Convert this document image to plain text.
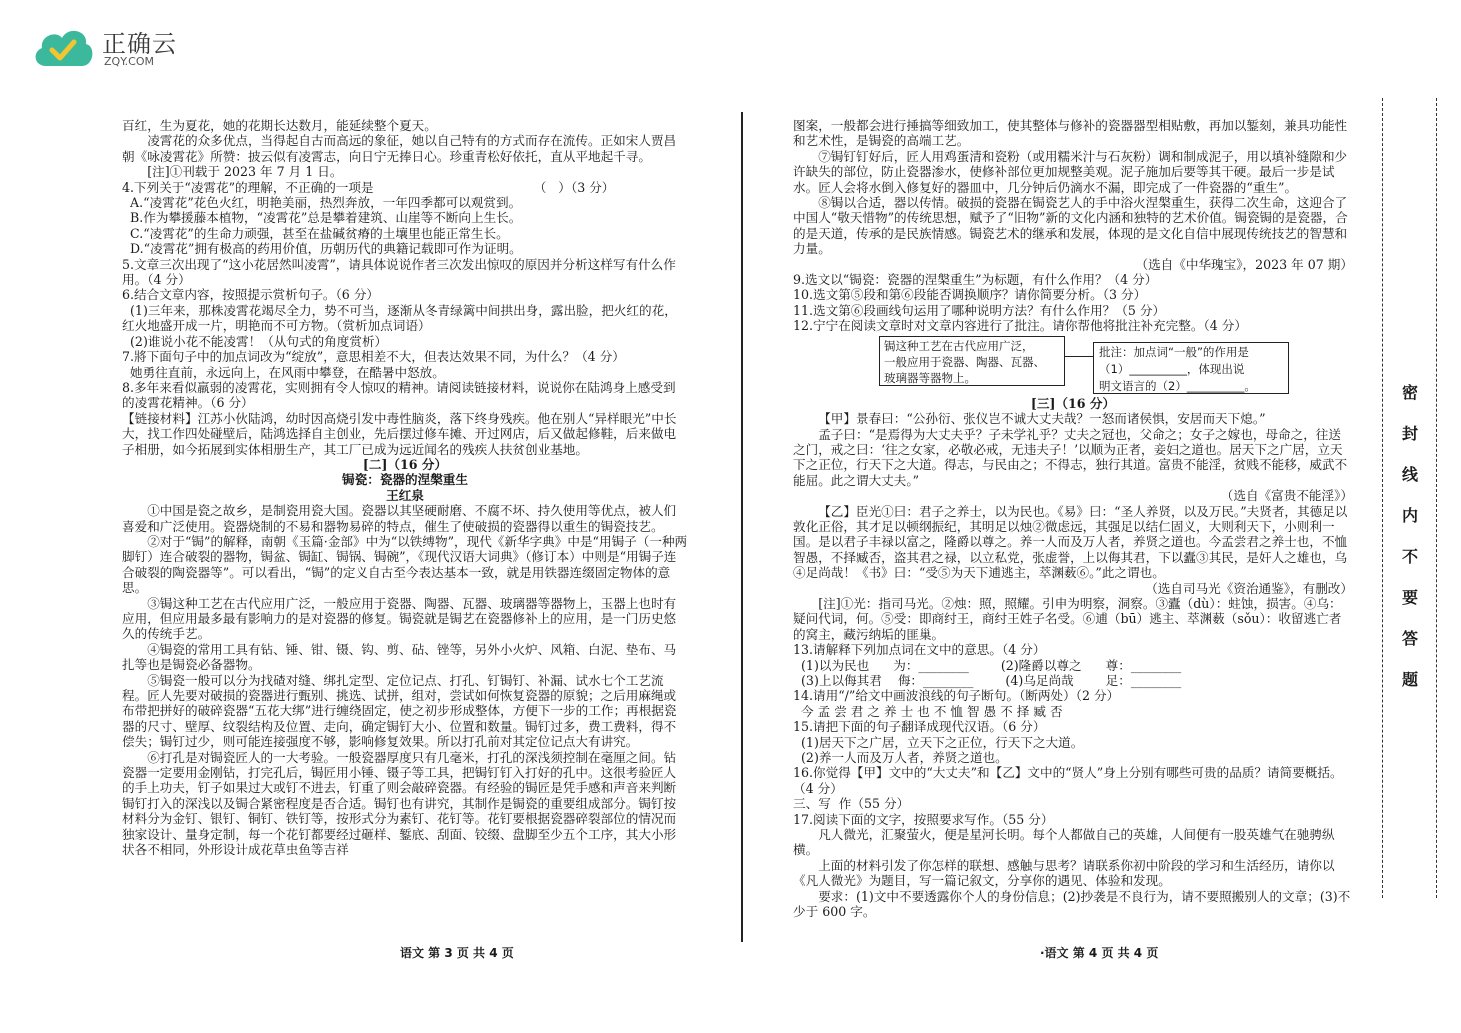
正确云
ZQY.COM

百红，生为夏花，她的花期长达数月，能延续整个夏天。

凌霄花的众多优点，当得起自古而高远的象征，她以自己特有的方式而存在流传。正如宋人贾昌朝《咏凌霄花》所赞：披云似有凌霄志，向日宁无捧日心。珍重青松好依托，直从平地起千寻。

[注]①刊载于 2023 年 7 月 1 日。

4.下列关于“凌霄花”的理解，不正确的一项是                                        （   ）（3 分）

A.“凌霄花”花色火红，明艳美丽，热烈奔放，一年四季都可以观赏到。

B.作为攀援藤本植物，“凌霄花”总是攀着建筑、山崖等不断向上生长。

C.“凌霄花”的生命力顽强，甚至在盐碱贫瘠的土壤里也能正常生长。

D.“凌霄花”拥有极高的药用价值，历朝历代的典籍记载即可作为证明。

5.文章三次出现了“这小花居然叫凌霄”，请具体说说作者三次发出惊叹的原因并分析这样写有什么作用。（4 分）

6.结合文章内容，按照提示赏析句子。（6 分）

(1)三年来，那株凌霄花竭尽全力，势不可当，逐渐从冬青绿篱中间拱出身，露出脸，把火红的花，红火地盛开成一片，明艳而不可方物。（赏析加点词语）

(2)谁说小花不能凌霄！（从句式的角度赏析）

7.將下面句子中的加点词改为“绽放”，意思相差不大，但表达效果不同，为什么？（4 分）

她勇往直前，永远向上，在风雨中攀登，在酷暑中怒放。

8.多年来看似羸弱的凌霄花，实则拥有令人惊叹的精神。请阅读链接材料，说说你在陆鸿身上感受到的凌霄花精神。（6 分）

【链接材料】江苏小伙陆鸿，幼时因高烧引发中毒性脑炎，落下终身残疾。他在别人“异样眼光”中长大，找工作四处碰壁后，陆鸿选择自主创业，先后摆过修车摊、开过网店，后又做起修鞋，后来做电子相册，如今拓展到实体相册生产，其工厂已成为远近闻名的残疾人扶贫创业基地。

[二]（16 分）

锔瓷：瓷器的涅槃重生

王红泉

①中国是瓷之故乡，是制瓷用瓷大国。瓷器以其坚硬耐磨、不腐不坏、持久使用等优点，被人们喜爱和广泛使用。瓷器烧制的不易和器物易碎的特点，催生了使破损的瓷器得以重生的锔瓷技艺。

②对于“锔”的解释，南朝《玉篇·金部》中为“以铁缚物”，现代《新华字典》中是“用锔子（一种两脚钉）连合破裂的器物，锔盆、锔缸、锔锅、锔碗”，《现代汉语大词典》（修订本）中则是“用锔子连合破裂的陶瓷器等”。可以看出，“锔”的定义自古至今表达基本一致，就是用铁器连缀固定物体的意思。

③锔这种工艺在古代应用广泛，一般应用于瓷器、陶器、瓦器、玻璃器等器物上，玉器上也时有应用，但应用最多最有影响力的是对瓷器的修复。锔瓷就是锔艺在瓷器修补上的应用，是一门历史悠久的传统手艺。

④锔瓷的常用工具有钻、锤、钳、镊、钩、剪、砧、锉等，另外小火炉、风箱、白泥、垫布、马扎等也是锔瓷必备器物。

⑤锔瓷一般可以分为找碴对缝、绑扎定型、定位记点、打孔、钉锔钉、补漏、试水七个工艺流程。匠人先要对破损的瓷器进行甄别、挑选、试拼，组对，尝试如何恢复瓷器的原貌；之后用麻绳或布带把拼好的破碎瓷器“五花大绑”进行缠绕固定，使之初步形成整体，方便下一步的工作；再根据瓷器的尺寸、壁厚、纹裂结构及位置、走向，确定锔钉大小、位置和数量。锔钉过多，费工费料，得不偿失；锔钉过少，则可能连接强度不够，影响修复效果。所以打孔前对其定位记点大有讲究。

⑥打孔是对锔瓷匠人的一大考验。一般瓷器厚度只有几毫米，打孔的深浅须控制在毫厘之间。钻瓷器一定要用金刚钻，打完孔后，锔匠用小锤、镊子等工具，把锔钉钉入打好的孔中。这很考验匠人的手上功夫，钉子如果过大或钉不进去，钉重了则会敲碎瓷器。有经验的锔匠是凭手感和声音来判断锔钉打入的深浅以及锔合紧密程度是否合适。锔钉也有讲究，其制作是锔瓷的重要组成部分。锔钉按材料分为金钉、银钉、铜钉、铁钉等，按形式分为素钉、花钉等。花钉要根据瓷器碎裂部位的情况而独家设计、量身定制，每一个花钉都要经过砸样、錾底、刮面、铰缀、盘脚至少五个工序，其大小形状各不相同，外形设计成花草虫鱼等吉祥

图案，一般都会进行捶搞等细致加工，使其整体与修补的瓷器器型相贴敷，再加以錾刻，兼具功能性和艺术性，是锔瓷的高端工艺。

⑦锔钉钉好后，匠人用鸡蛋清和瓷粉（或用糯米汁与石灰粉）调和制成泥子，用以填补缝隙和少许缺失的部位，防止瓷器渗水，使修补部位更加规整美观。泥子施加后要等其干硬。最后一步是试水。匠人会将水倒入修复好的器皿中，几分钟后仍滴水不漏，即完成了一件瓷器的“重生”。

⑧锔以合适，器以传情。破损的瓷器在锔瓷艺人的手中浴火涅槃重生，获得二次生命，这迎合了中国人“敬天惜物”的传统思想，赋予了“旧物”新的文化内涵和独特的艺术价值。锔瓷锔的是瓷器，合的是天道，传承的是民族情感。锔瓷艺术的继承和发展，体现的是文化自信中展现传统技艺的智慧和力量。

（选自《中华瑰宝》，2023 年 07 期）

9.选文以“锔瓷：瓷器的涅槃重生”为标题，有什么作用？（4 分）

10.选文第⑤段和第⑥段能否调换顺序？请你简要分析。（3 分）

11.选文第⑥段画线句运用了哪种说明方法？有什么作用？（5 分）

12.宁宁在阅读文章时对文章内容进行了批注。请你帮他将批注补充完整。（4 分）

锔这种工艺在古代应用广泛，
一般应用于瓷器、陶器、瓦器、
玻璃器等器物上。
批注：加点词“一般”的作用是
（1）__________，体现出说
明文语言的（2）__________。

[三]（16 分）

【甲】景春曰：“公孙衍、张仪岂不诚大丈夫哉？一怒而诸侯惧，安居而天下熄。”

孟子曰：“是焉得为大丈夫乎？子未学礼乎？丈夫之冠也，父命之；女子之嫁也，母命之，往送之门，戒之曰：‘往之女家，必敬必戒，无违夫子！’以顺为正者，妾妇之道也。居天下之广居，立天下之正位，行天下之大道。得志，与民由之；不得志，独行其道。富贵不能淫，贫贱不能移，威武不能屈。此之谓大丈夫。”

（选自《富贵不能淫》）

【乙】臣光①曰：君子之养士，以为民也。《易》曰：“圣人养贤，以及万民。”夫贤者，其德足以敦化正俗，其才足以顿纲振纪，其明足以烛②微虑远，其强足以结仁固义，大则利天下，小则利一国。是以君子丰禄以富之，隆爵以尊之。养一人而及万人者，养贤之道也。今孟尝君之养士也，不恤智愚，不择臧否，盗其君之禄，以立私党，张虚誉，上以侮其君，下以蠹③其民，是奸人之雄也，乌④足尚哉！《书》曰：“受⑤为天下逋逃主，萃渊薮⑥。”此之谓也。

（选自司马光《资治通鉴》，有删改）

[注]①光：指司马光。②烛：照，照耀。引申为明察，洞察。③蠹（dù）：蛀蚀，损害。④乌：疑问代词，何。⑤受：即商纣王，商纣王姓子名受。⑥逋（bū）逃主、萃渊薮（sǒu）：收留逃亡者的窝主，藏污纳垢的匪巢。

13.请解释下列加点词在文中的意思。（4 分）

(1)以为民也      为：________        (2)隆爵以尊之      尊：________

(3)上以侮其君    侮：________        (4)乌足尚哉        足：________

14.请用“/”给文中画波浪线的句子断句。（断两处）（2 分）

今 孟 尝 君 之 养 士 也 不 恤 智 愚 不 择 臧 否

15.请把下面的句子翻译成现代汉语。（6 分）

(1)居天下之广居，立天下之正位，行天下之大道。

(2)养一人而及万人者，养贤之道也。

16.你觉得【甲】文中的“大丈夫”和【乙】文中的“贤人”身上分别有哪些可贵的品质？请简要概括。（4 分）

三、写  作（55 分）

17.阅读下面的文字，按照要求写作。（55 分）

凡人微光，汇聚萤火，便是星河长明。每个人都做自己的英雄，人间便有一股英雄气在驰骋纵横。

上面的材料引发了你怎样的联想、感触与思考？请联系你初中阶段的学习和生活经历，请你以《凡人微光》为题目，写一篇记叙文，分享你的遇见、体验和发现。

要求：(1)文中不要透露你个人的身份信息；(2)抄袭是不良行为，请不要照搬别人的文章；(3)不少于 600 字。

密 封 线 内 不 要 答 题
语文 第 3 页 共 4 页	·语文 第 4 页 共 4 页
